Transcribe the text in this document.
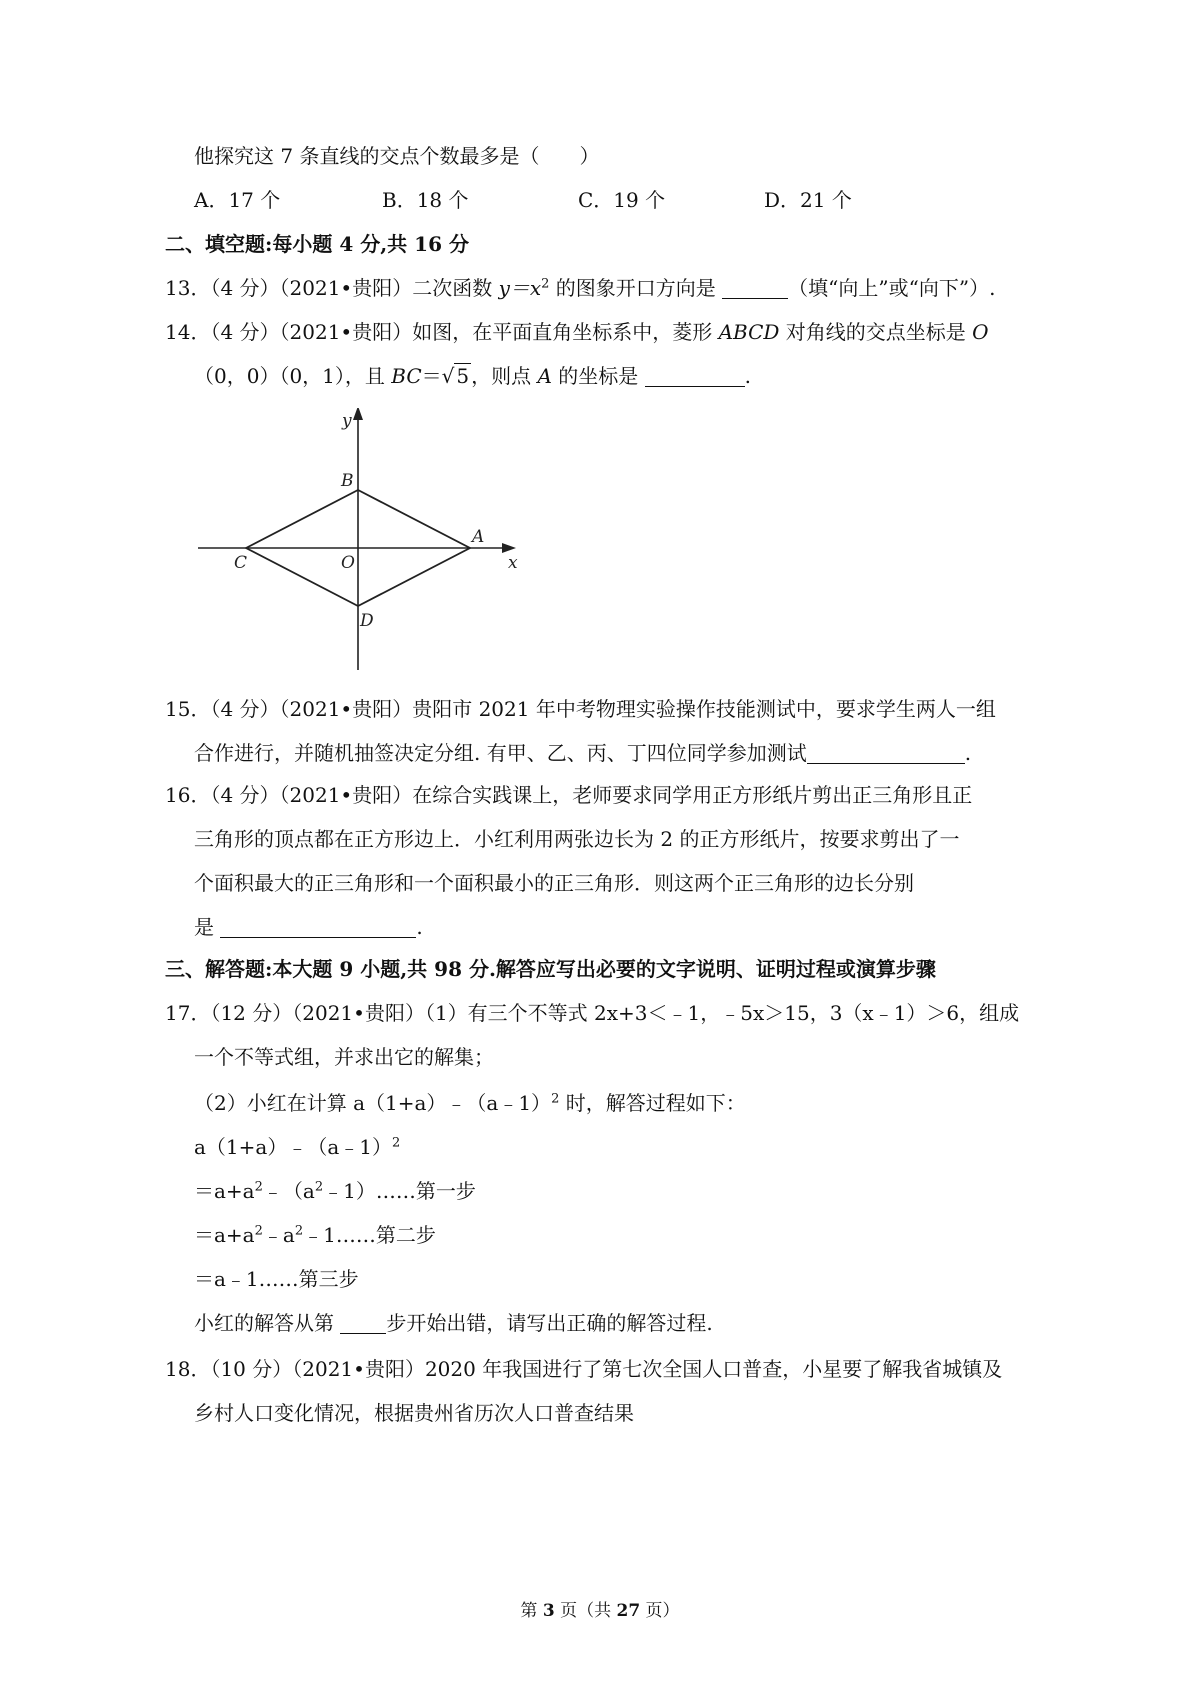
他探究这 7 条直线的交点个数最多是（　　）
A．17 个	B．18 个	C．19 个	D．21 个
二、填空题:每小题 4 分,共 16 分
13．（4 分）（2021•贵阳）二次函数 $y=x^2$ 的图象开口方向是	（填“向上”或“向下”）.
14．（4 分）（2021•贵阳）如图，在平面直角坐标系中，菱形 ABCD 对角线的交点坐标是 O
（0，0）（0，1），且 BC＝√ 5 ，则点 A 的坐标是	.
y
x
B
A
C	O
D
15．（4 分）（2021•贵阳）贵阳市 2021 年中考物理实验操作技能测试中，要求学生两人一组
合作进行，并随机抽签决定分组. 有甲、乙、丙、丁四位同学参加测试	.
16．（4 分）（2021•贵阳）在综合实践课上，老师要求同学用正方形纸片剪出正三角形且正
三角形的顶点都在正方形边上．小红利用两张边长为 2 的正方形纸片，按要求剪出了一
个面积最大的正三角形和一个面积最小的正三角形．则这两个正三角形的边长分别
是	.
三、解答题:本大题 9 小题,共 98 分.解答应写出必要的文字说明、证明过程或演算步骤
17．（12 分）（2021•贵阳）（1）有三个不等式 2x+3＜﹣1，﹣5x＞15，3（x﹣1）＞6，组成
一个不等式组，并求出它的解集；
（2）小红在计算 a（1+a）﹣（a﹣1）$^2$ 时，解答过程如下：
a（1+a）﹣（a﹣1）$^2$
$=a+a^2﹣(a^2﹣1)\dots\dots$第一步
$=a+a^2﹣a^2﹣1\dots\dots$第二步
＝a﹣1……第三步
小红的解答从第 步开始出错，请写出正确的解答过程.
18．（10 分）（2021•贵阳）2020 年我国进行了第七次全国人口普查，小星要了解我省城镇及
乡村人口变化情况，根据贵州省历次人口普查结果
第 3 页（共 27 页）
